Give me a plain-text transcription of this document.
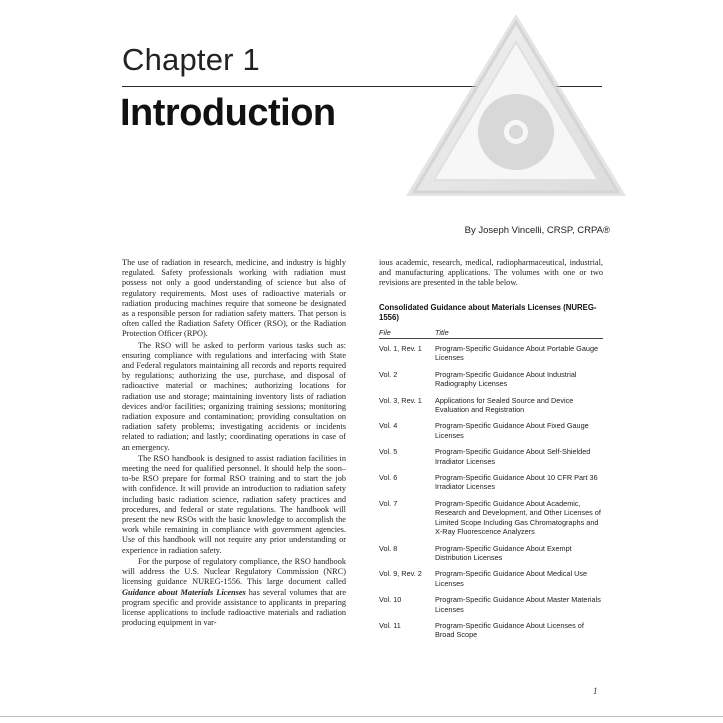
Chapter 1
Introduction
By Joseph Vincelli, CRSP, CRPA®

The use of radiation in research, medicine, and industry is highly regulated. Safety professionals working with radiation must possess not only a good understanding of science but also of regulatory requirements. Most uses of radioactive materials or radiation producing machines require that someone be designated as a responsible person for radiation safety matters. That person is often called the Radiation Safety Officer (RSO), or the Radiation Protection Officer (RPO).

The RSO will be asked to perform various tasks such as: ensuring compliance with regulations and interfacing with State and Federal regulators maintaining all records and reports required by regulations; authorizing the use, purchase, and disposal of radioactive material or machines; authorizing locations for radiation use and storage; maintaining inventory lists of radiation devices and/or facilities; organizing training sessions; monitoring radiation exposure and contamination; providing consultation on radiation safety problems; investigating accidents or incidents related to radiation; and lastly; coordinating operations in case of an emergency.

The RSO handbook is designed to assist radiation facilities in meeting the need for qualified personnel. It should help the soon–to-be RSO prepare for formal RSO training and to start the job with confidence. It will provide an introduction to radiation safety including basic radiation science, radiation safety practices and procedures, and federal or state regulations. The handbook will present the new RSOs with the basic knowledge to accomplish the work while remaining in compliance with government agencies. Use of this handbook will not require any prior understanding or experience in radiation safety.

For the purpose of regulatory compliance, the RSO handbook will address the U.S. Nuclear Regulatory Commission (NRC) licensing guidance NUREG-1556. This large document called Guidance about Materials Licenses has several volumes that are program specific and provide assistance to applicants in preparing license applications to include radioactive materials and radiation producing equipment in var-

ious academic, research, medical, radiopharmaceutical, industrial, and manufacturing applications. The volumes with one or two revisions are presented in the table below.

Consolidated Guidance about Materials Licenses (NUREG-1556)
File	Title
Vol. 1, Rev. 1	Program-Specific Guidance About Portable Gauge Licenses
Vol. 2	Program-Specific Guidance About Industrial Radiography Licenses
Vol. 3, Rev. 1	Applications for Sealed Source and Device Evaluation and Registration
Vol. 4	Program-Specific Guidance About Fixed Gauge Licenses
Vol. 5	Program-Specific Guidance About Self-Shielded Irradiator Licenses
Vol. 6	Program-Specific Guidance About 10 CFR Part 36 Irradiator Licenses
Vol. 7	Program-Specific Guidance About Academic, Research and Development, and Other Licenses of Limited Scope Including Gas Chromatographs and X-Ray Fluorescence Analyzers
Vol. 8	Program-Specific Guidance About Exempt Distribution Licenses
Vol. 9, Rev. 2	Program-Specific Guidance About Medical Use Licenses
Vol. 10	Program-Specific Guidance About Master Materials Licenses
Vol. 11	Program-Specific Guidance About Licenses of Broad Scope
1
